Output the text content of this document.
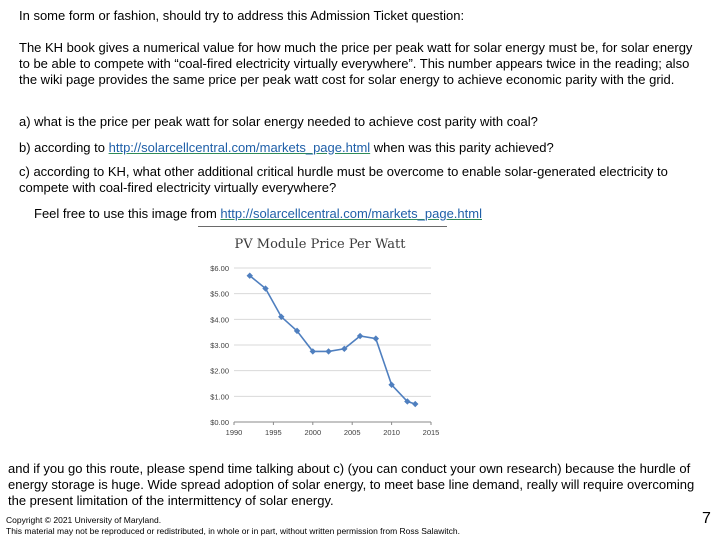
In some form or fashion, should try to address this Admission Ticket question:

The KH book gives a numerical value for how much the price per peak watt for solar energy must be, for solar energy to be able to compete with “coal-fired electricity virtually everywhere”. This number appears twice in the reading; also the wiki page provides the same price per peak watt cost for solar energy to achieve economic parity with the grid.

a) what is the price per peak watt for solar energy needed to achieve cost parity with coal?

b) according to http://solarcellcentral.com/markets_page.html when was this parity achieved?

c) according to KH, what other additional critical hurdle must be overcome to enable solar-generated electricity to compete with coal-fired electricity virtually everywhere?

Feel free to use this image from http://solarcellcentral.com/markets_page.html

PV Module Price Per Watt
$0.00
$1.00
$2.00
$3.00
$4.00
$5.00
$6.00
1990	1995	2000	2005	2010	2015

and if you go this route, please spend time talking about c) (you can conduct your own research) because the hurdle of energy storage is huge. Wide spread adoption of solar energy, to meet base line demand, really will require overcoming the present limitation of the intermittency of solar energy.

Copyright © 2021 University of Maryland.
This material may not be reproduced or redistributed, in whole or in part, without written permission from Ross Salawitch.

7
